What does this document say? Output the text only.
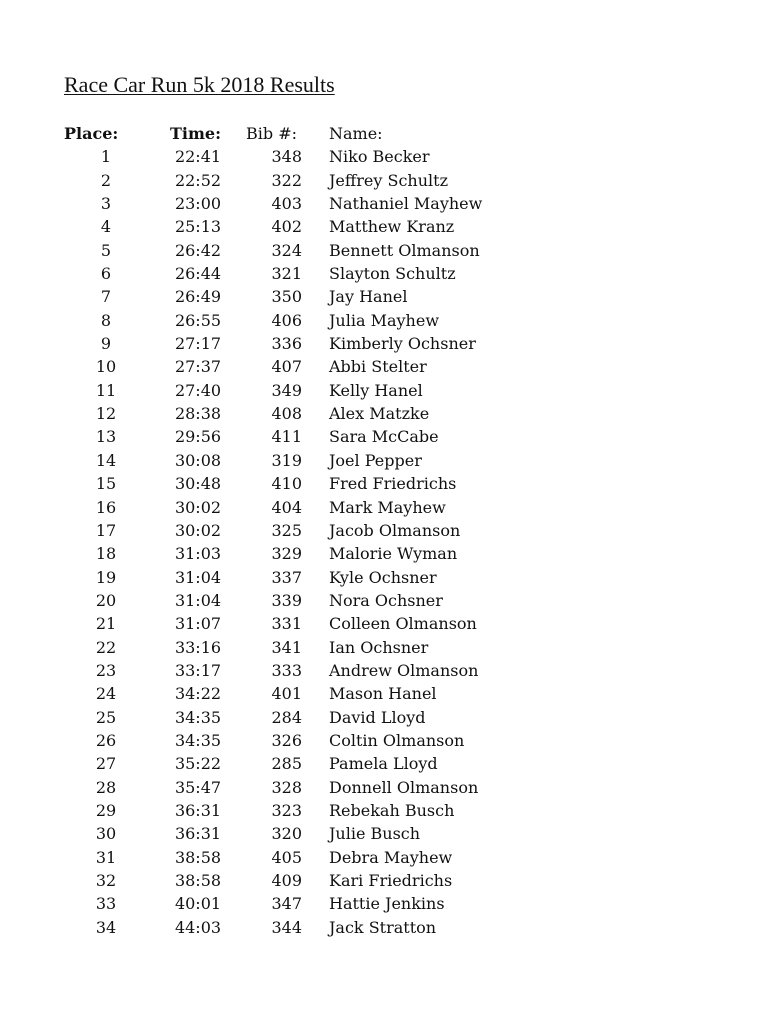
Race Car Run 5k 2018 Results
Place:	Time: Bib #: Name:
1	22:41	348 Niko Becker
2	22:52	322 Jeffrey Schultz
3	23:00	403 Nathaniel Mayhew
4	25:13	402 Matthew Kranz
5	26:42	324 Bennett Olmanson
6	26:44	321 Slayton Schultz
7	26:49	350 Jay Hanel
8	26:55	406 Julia Mayhew
9	27:17	336 Kimberly Ochsner
10	27:37	407 Abbi Stelter
11	27:40	349 Kelly Hanel
12	28:38	408 Alex Matzke
13	29:56	411 Sara McCabe
14	30:08	319 Joel Pepper
15	30:48	410 Fred Friedrichs
16	30:02	404 Mark Mayhew
17	30:02	325 Jacob Olmanson
18	31:03	329 Malorie Wyman
19	31:04	337 Kyle Ochsner
20	31:04	339 Nora Ochsner
21	31:07	331 Colleen Olmanson
22	33:16	341 Ian Ochsner
23	33:17	333 Andrew Olmanson
24	34:22	401 Mason Hanel
25	34:35	284 David Lloyd
26	34:35	326 Coltin Olmanson
27	35:22	285 Pamela Lloyd
28	35:47	328 Donnell Olmanson
29	36:31	323 Rebekah Busch
30	36:31	320 Julie Busch
31	38:58	405 Debra Mayhew
32	38:58	409 Kari Friedrichs
33	40:01	347 Hattie Jenkins
34	44:03	344 Jack Stratton
